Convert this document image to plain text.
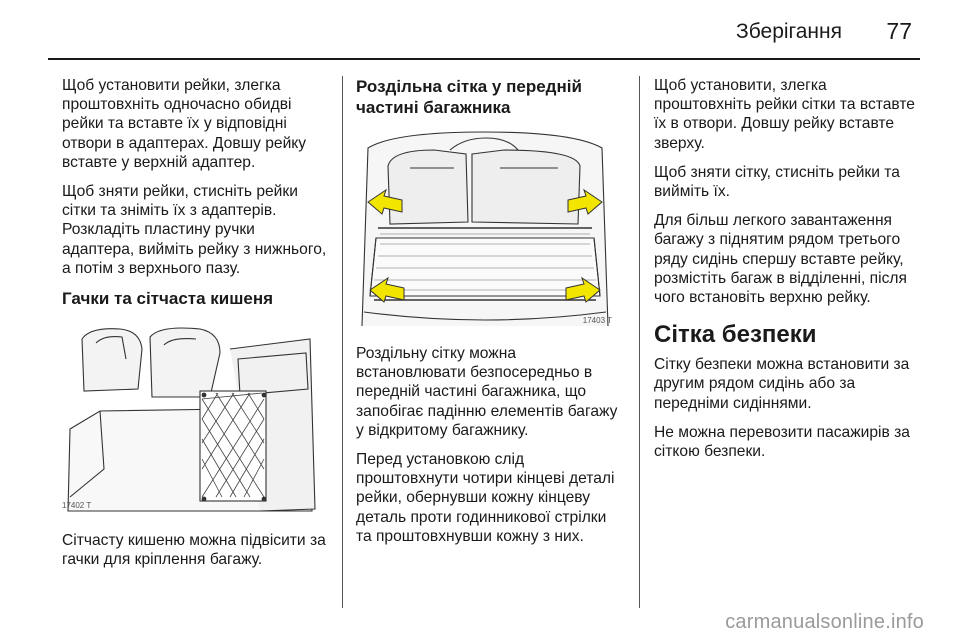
Зберігання 77

Щоб установити рейки, злегка проштовхніть одночасно обидві рейки та вставте їх у відповідні отвори в адаптерах. Довшу рейку вставте у верхній адаптер.

Щоб зняти рейки, стисніть рейки сітки та зніміть їх з адаптерів. Розкладіть пластину ручки адаптера, вийміть рейку з нижнього, а потім з верхнього пазу.

Гачки та сітчаста кишеня
17402 T

Сітчасту кишеню можна підвісити за гачки для кріплення багажу.

Роздільна сітка у передній частині багажника
17403 T

Роздільну сітку можна встановлювати безпосередньо в передній частині багажника, що запобігає падінню елементів багажу у відкритому багажнику.

Перед установкою слід проштовхнути чотири кінцеві деталі рейки, обернувши кожну кінцеву деталь проти годинникової стрілки та проштовхнувши кожну з них.

Щоб установити, злегка проштовхніть рейки сітки та вставте їх в отвори. Довшу рейку вставте зверху.

Щоб зняти сітку, стисніть рейки та вийміть їх.

Для більш легкого завантаження багажу з піднятим рядом третього ряду сидінь спершу вставте рейку, розмістіть багаж в відділенні, після чого встановіть верхню рейку.

Сітка безпеки

Сітку безпеки можна встановити за другим рядом сидінь або за передніми сидіннями.

Не можна перевозити пасажирів за сіткою безпеки.

carmanualsonline.info
